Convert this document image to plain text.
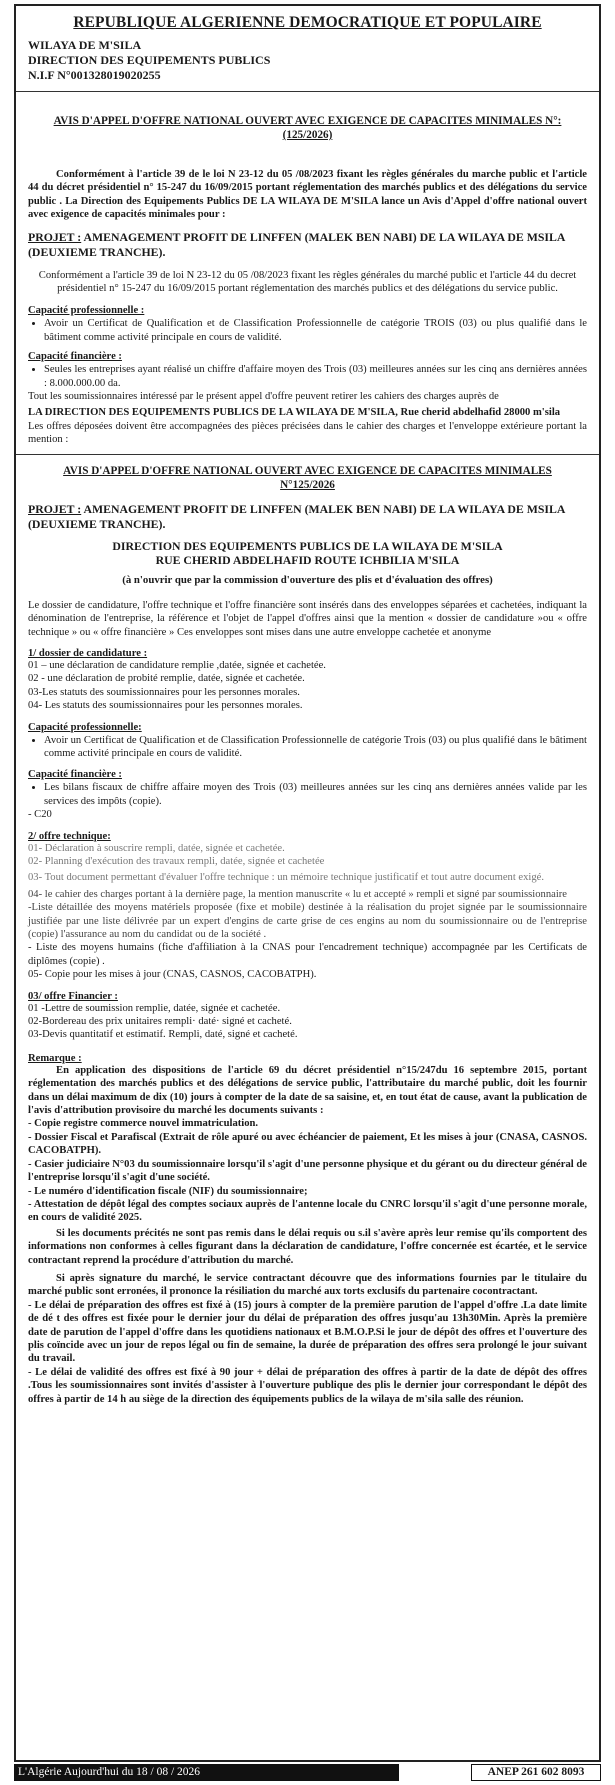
REPUBLIQUE ALGERIENNE DEMOCRATIQUE ET POPULAIRE
WILAYA DE M'SILA
DIRECTION DES EQUIPEMENTS PUBLICS
N.I.F N°001328019020255
AVIS D'APPEL D'OFFRE NATIONAL OUVERT AVEC EXIGENCE DE CAPACITES MINIMALES N°:(125/2026)
Conformément à l'article 39 de le loi N 23-12 du 05 /08/2023 fixant les règles générales du marche public et l'article 44 du décret présidentiel n° 15-247 du 16/09/2015 portant réglementation des marchés publics et des délégations du service public . La Direction des Equipements Publics DE LA WILAYA DE M'SILA lance un Avis d'Appel d'offre national ouvert avec exigence de capacités minimales pour :
PROJET : AMENAGEMENT PROFIT DE LINFFEN (MALEK BEN NABI) DE LA WILAYA DE MSILA (DEUXIEME TRANCHE).
Conformément a l'article 39 de loi N 23-12 du 05 /08/2023 fixant les règles générales du marché public et l'article 44 du decret présidentiel n° 15-247 du 16/09/2015 portant réglementation des marchés publics et des délégations du service public.
Capacité professionnelle :
• Avoir un Certificat de Qualification et de Classification Professionnelle de catégorie TROIS (03) ou plus qualifié dans le bâtiment comme activité principale en cours de validité.
Capacité financière :
• Seules les entreprises ayant réalisé un chiffre d'affaire moyen des Trois (03) meilleures années sur les cinq ans dernières années : 8.000.000.00 da.
Tout les soumissionnaires intéressé par le présent appel d'offre peuvent retirer les cahiers des charges auprès de
LA DIRECTION DES EQUIPEMENTS PUBLICS DE LA WILAYA DE M'SILA, Rue cherid abdelhafid 28000 m'sila
Les offres déposées doivent être accompagnées des pièces précisées dans le cahier des charges et l'enveloppe extérieure portant la mention :
AVIS D'APPEL D'OFFRE NATIONAL OUVERT AVEC EXIGENCE DE CAPACITES MINIMALES N°125/2026
PROJET : AMENAGEMENT PROFIT DE LINFFEN (MALEK BEN NABI) DE LA WILAYA DE MSILA (DEUXIEME TRANCHE).
DIRECTION DES EQUIPEMENTS PUBLICS DE LA WILAYA DE M'SILA
RUE CHERID ABDELHAFID ROUTE ICHBILIA M'SILA
(à n'ouvrir que par la commission d'ouverture des plis et d'évaluation des offres)
Le dossier de candidature, l'offre technique et l'offre financière sont insérés dans des enveloppes séparées et cachetées, indiquant la dénomination de l'entreprise, la référence et l'objet de l'appel d'offres ainsi que la mention « dossier de candidature »ou « offre technique » ou « offre financière » Ces enveloppes sont mises dans une autre enveloppe cachetée et anonyme
1/ dossier de candidature :
01 – une déclaration de candidature remplie ,datée, signée et cachetée.
02 - une déclaration de probité remplie, datée, signée et cachetée.
03-Les statuts des soumissionnaires pour les personnes morales.
04- Les statuts des soumissionnaires pour les personnes morales.
Capacité professionnelle:
• Avoir un Certificat de Qualification et de Classification Professionnelle de catégorie Trois (03) ou plus qualifié dans le bâtiment comme activité principale en cours de validité.
Capacité financière :
• Les bilans fiscaux de chiffre affaire moyen des Trois (03) meilleures années sur les cinq ans dernières années valide par les services des impôts (copie).
- C20
2/ offre technique:
01- Déclaration à souscrire rempli, datée, signée et cachetée.
02- Planning d'exécution des travaux rempli, datée, signée et cachetée
03- Tout document permettant d'évaluer l'offre technique : un mémoire technique justificatif et tout autre document exigé.
04- le cahier des charges portant à la dernière page, la mention manuscrite « lu et accepté » rempli et signé par soumissionnaire
-Liste détaillée des moyens matériels proposée (fixe et mobile) destinée à la réalisation du projet signée par le soumissionnaire justifiée par une liste délivrée par un expert d'engins de carte grise de ces engins au nom du soumissionnaire ou de l'entreprise (copie) l'assurance au nom du candidat ou de la société .
- Liste des moyens humains (fiche d'affiliation à la CNAS pour l'encadrement technique) accompagnée par les Certificats de diplômes (copie) .
05- Copie pour les mises à jour (CNAS, CASNOS, CACOBATPH).
03/ offre Financier :
01 -Lettre de soumission remplie, datée, signée et cachetée.
02-Bordereau des prix unitaires rempli· daté· signé et cacheté.
03-Devis quantitatif et estimatif. Rempli, daté, signé et cacheté.
Remarque :
En application des dispositions de l'article 69 du décret présidentiel n°15/247du 16 septembre 2015, portant réglementation des marchés publics et des délégations de service public, l'attributaire du marché public, doit les fournir dans un délai maximum de dix (10) jours à compter de la date de sa saisine, et, en tout état de cause, avant la publication de l'avis d'attribution provisoire du marché les documents suivants :
- Copie registre commerce nouvel immatriculation.
- Dossier Fiscal et Parafiscal (Extrait de rôle apuré ou avec échéancier de paiement, Et les mises à jour (CNASA, CASNOS. CACOBATPH).
- Casier judiciaire N°03 du soumissionnaire lorsqu'il s'agit d'une personne physique et du gérant ou du directeur général de l'entreprise lorsqu'il s'agit d'une société.
- Le numéro d'identification fiscale (NIF) du soumissionnaire;
- Attestation de dépôt légal des comptes sociaux auprès de l'antenne locale du CNRC lorsqu'il s'agit d'une personne morale, en cours de validité 2025.
Si les documents précités ne sont pas remis dans le délai requis ou s.il s'avère après leur remise qu'ils comportent des informations non conformes à celles figurant dans la déclaration de candidature, l'offre concernée est écartée, et le service contractant reprend la procédure d'attribution du marché.
Si après signature du marché, le service contractant découvre que des informations fournies par le titulaire du marché public sont erronées, il prononce la résiliation du marché aux torts exclusifs du partenaire cocontractant.
- Le délai de préparation des offres est fixé à (15) jours à compter de la première parution de l'appel d'offre .La date limite de dé t des offres est fixée pour le dernier jour du délai de préparation des offres jusqu'au 13h30Min. Après la première date de parution de l'appel d'offre dans les quotidiens nationaux et B.M.O.P.Si le jour de dépôt des offres et l'ouverture des plis coïncide avec un jour de repos légal ou fin de semaine, la durée de préparation des offres sera prolongé le jour suivant du travail.
- Le délai de validité des offres est fixé à 90 jour + délai de préparation des offres à partir de la date de dépôt des offres .Tous les soumissionnaires sont invités d'assister à l'ouverture publique des plis le dernier jour correspondant le dépôt des offres à partir de 14 h au siège de la direction des équipements publics de la wilaya de m'sila salle des réunion.
L'Algérie Aujourd'hui du 18 / 08 / 2026	ANEP 261 602 8093
